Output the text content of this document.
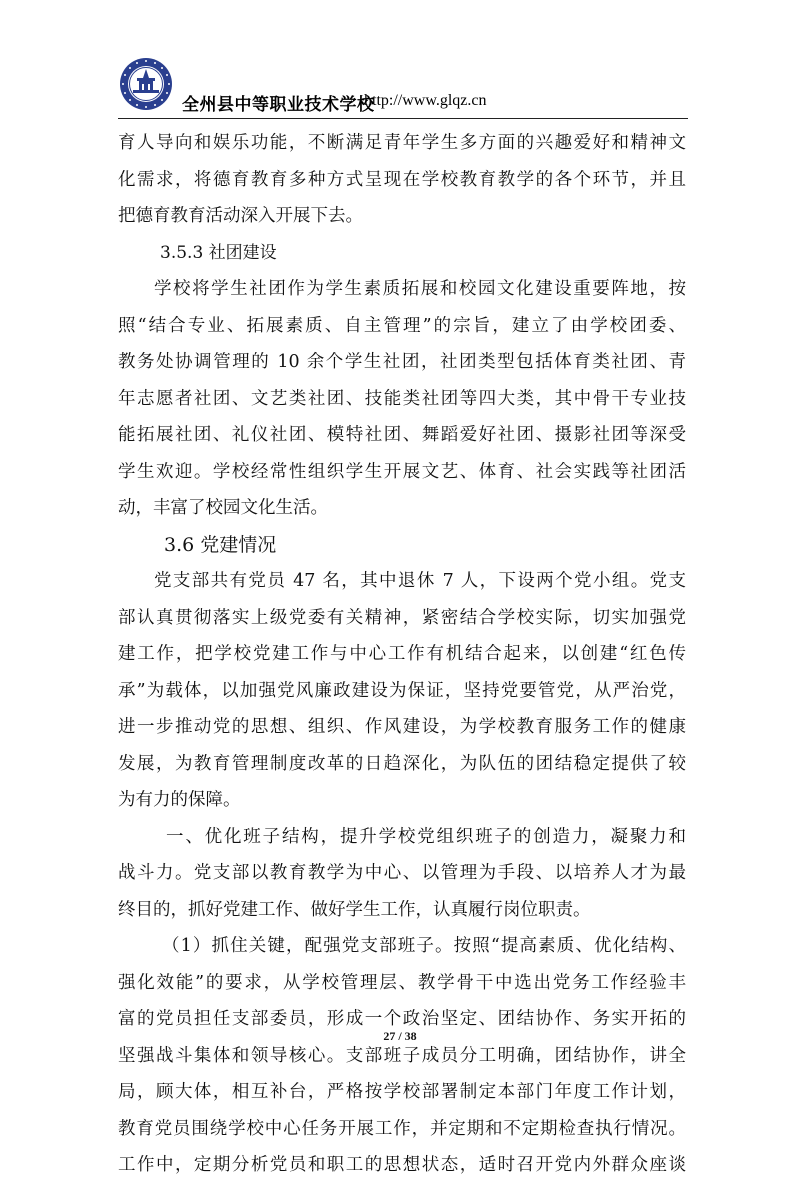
全州县中等职业技术学校
http://www.glqz.cn
育人导向和娱乐功能，不断满足青年学生多方面的兴趣爱好和精神文
化需求，将德育教育多种方式呈现在学校教育教学的各个环节，并且
把德育教育活动深入开展下去。
3.5.3 社团建设
学校将学生社团作为学生素质拓展和校园文化建设重要阵地，按
照“结合专业、拓展素质、自主管理”的宗旨，建立了由学校团委、
教务处协调管理的 10 余个学生社团，社团类型包括体育类社团、青
年志愿者社团、文艺类社团、技能类社团等四大类，其中骨干专业技
能拓展社团、礼仪社团、模特社团、舞蹈爱好社团、摄影社团等深受
学生欢迎。学校经常性组织学生开展文艺、体育、社会实践等社团活
动，丰富了校园文化生活。
3.6 党建情况
党支部共有党员 47 名，其中退休 7 人，下设两个党小组。党支
部认真贯彻落实上级党委有关精神，紧密结合学校实际，切实加强党
建工作，把学校党建工作与中心工作有机结合起来，以创建“红色传
承”为载体，以加强党风廉政建设为保证，坚持党要管党，从严治党，
进一步推动党的思想、组织、作风建设，为学校教育服务工作的健康
发展，为教育管理制度改革的日趋深化，为队伍的团结稳定提供了较
为有力的保障。
一、优化班子结构，提升学校党组织班子的创造力，凝聚力和
战斗力。党支部以教育教学为中心、以管理为手段、以培养人才为最
终目的，抓好党建工作、做好学生工作，认真履行岗位职责。
（1）抓住关键，配强党支部班子。按照“提高素质、优化结构、
强化效能”的要求，从学校管理层、教学骨干中选出党务工作经验丰
富的党员担任支部委员，形成一个政治坚定、团结协作、务实开拓的
坚强战斗集体和领导核心。支部班子成员分工明确，团结协作，讲全
局，顾大体，相互补台，严格按学校部署制定本部门年度工作计划，
教育党员围绕学校中心任务开展工作，并定期和不定期检查执行情况。
工作中，定期分析党员和职工的思想状态，适时召开党内外群众座谈
27 / 38
